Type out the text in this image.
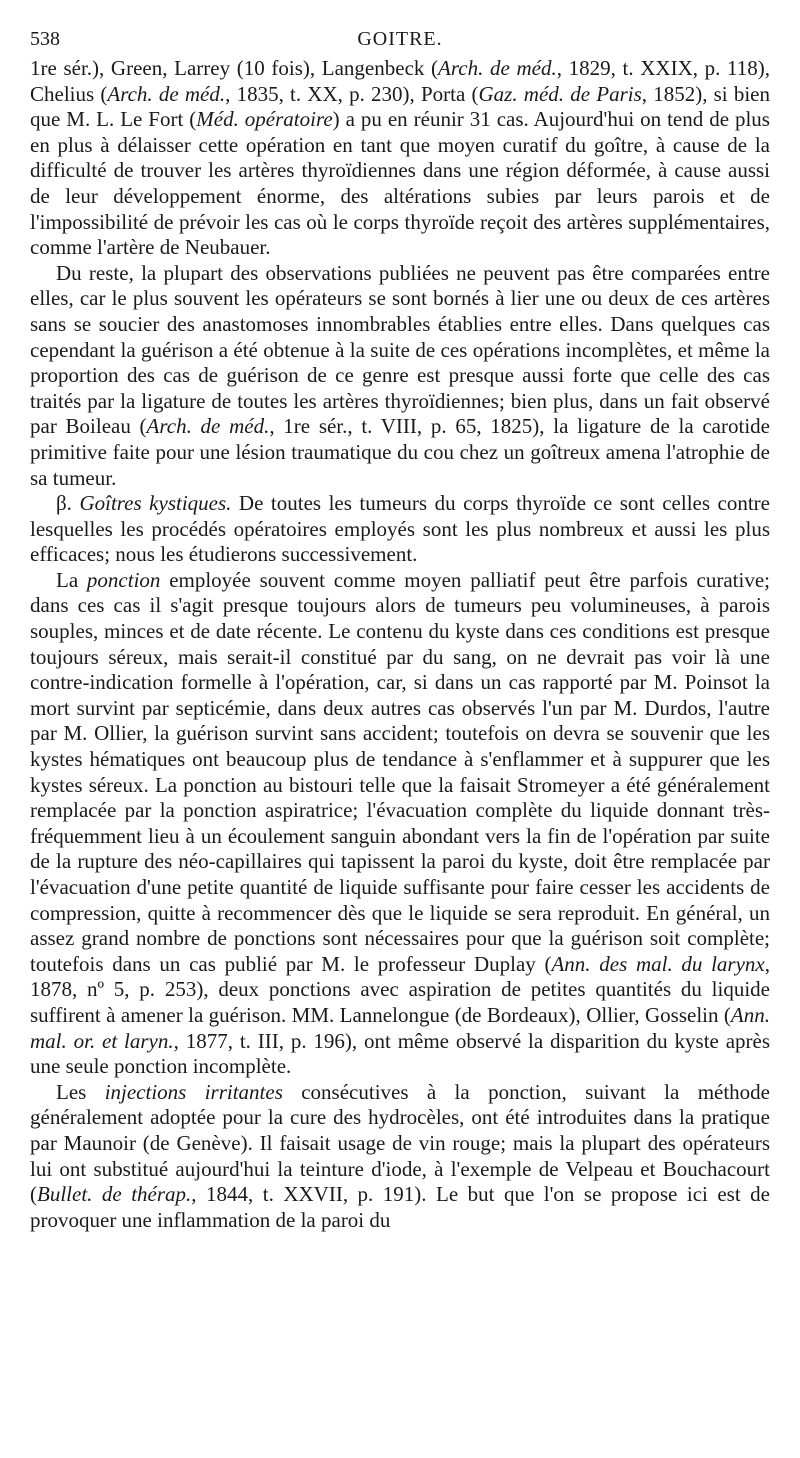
538	GOITRE.

1re sér.), Green, Larrey (10 fois), Langenbeck (Arch. de méd., 1829, t. XXIX, p. 118), Chelius (Arch. de méd., 1835, t. XX, p. 230), Porta (Gaz. méd. de Paris, 1852), si bien que M. L. Le Fort (Méd. opératoire) a pu en réunir 31 cas. Aujourd'hui on tend de plus en plus à délaisser cette opération en tant que moyen curatif du goître, à cause de la difficulté de trouver les artères thyroïdiennes dans une région déformée, à cause aussi de leur développement énorme, des altérations subies par leurs parois et de l'impossibilité de prévoir les cas où le corps thyroïde reçoit des artères supplémentaires, comme l'artère de Neubauer.

Du reste, la plupart des observations publiées ne peuvent pas être comparées entre elles, car le plus souvent les opérateurs se sont bornés à lier une ou deux de ces artères sans se soucier des anastomoses innombrables établies entre elles. Dans quelques cas cependant la guérison a été obtenue à la suite de ces opérations incomplètes, et même la proportion des cas de guérison de ce genre est presque aussi forte que celle des cas traités par la ligature de toutes les artères thyroïdiennes; bien plus, dans un fait observé par Boileau (Arch. de méd., 1re sér., t. VIII, p. 65, 1825), la ligature de la carotide primitive faite pour une lésion traumatique du cou chez un goîtreux amena l'atrophie de sa tumeur.

β. Goîtres kystiques. De toutes les tumeurs du corps thyroïde ce sont celles contre lesquelles les procédés opératoires employés sont les plus nombreux et aussi les plus efficaces; nous les étudierons successivement.

La ponction employée souvent comme moyen palliatif peut être parfois curative; dans ces cas il s'agit presque toujours alors de tumeurs peu volumineuses, à parois souples, minces et de date récente. Le contenu du kyste dans ces conditions est presque toujours séreux, mais serait-il constitué par du sang, on ne devrait pas voir là une contre-indication formelle à l'opération, car, si dans un cas rapporté par M. Poinsot la mort survint par septicémie, dans deux autres cas observés l'un par M. Durdos, l'autre par M. Ollier, la guérison survint sans accident; toutefois on devra se souvenir que les kystes hématiques ont beaucoup plus de tendance à s'enflammer et à suppurer que les kystes séreux. La ponction au bistouri telle que la faisait Stromeyer a été généralement remplacée par la ponction aspiratrice; l'évacuation complète du liquide donnant très-fréquemment lieu à un écoulement sanguin abondant vers la fin de l'opération par suite de la rupture des néo-capillaires qui tapissent la paroi du kyste, doit être remplacée par l'évacuation d'une petite quantité de liquide suffisante pour faire cesser les accidents de compression, quitte à recommencer dès que le liquide se sera reproduit. En général, un assez grand nombre de ponctions sont nécessaires pour que la guérison soit complète; toutefois dans un cas publié par M. le professeur Duplay (Ann. des mal. du larynx, 1878, nº 5, p. 253), deux ponctions avec aspiration de petites quantités du liquide suffirent à amener la guérison. MM. Lannelongue (de Bordeaux), Ollier, Gosselin (Ann. mal. or. et laryn., 1877, t. III, p. 196), ont même observé la disparition du kyste après une seule ponction incomplète.

Les injections irritantes consécutives à la ponction, suivant la méthode généralement adoptée pour la cure des hydrocèles, ont été introduites dans la pratique par Maunoir (de Genève). Il faisait usage de vin rouge; mais la plupart des opérateurs lui ont substitué aujourd'hui la teinture d'iode, à l'exemple de Velpeau et Bouchacourt (Bullet. de thérap., 1844, t. XXVII, p. 191). Le but que l'on se propose ici est de provoquer une inflammation de la paroi du
